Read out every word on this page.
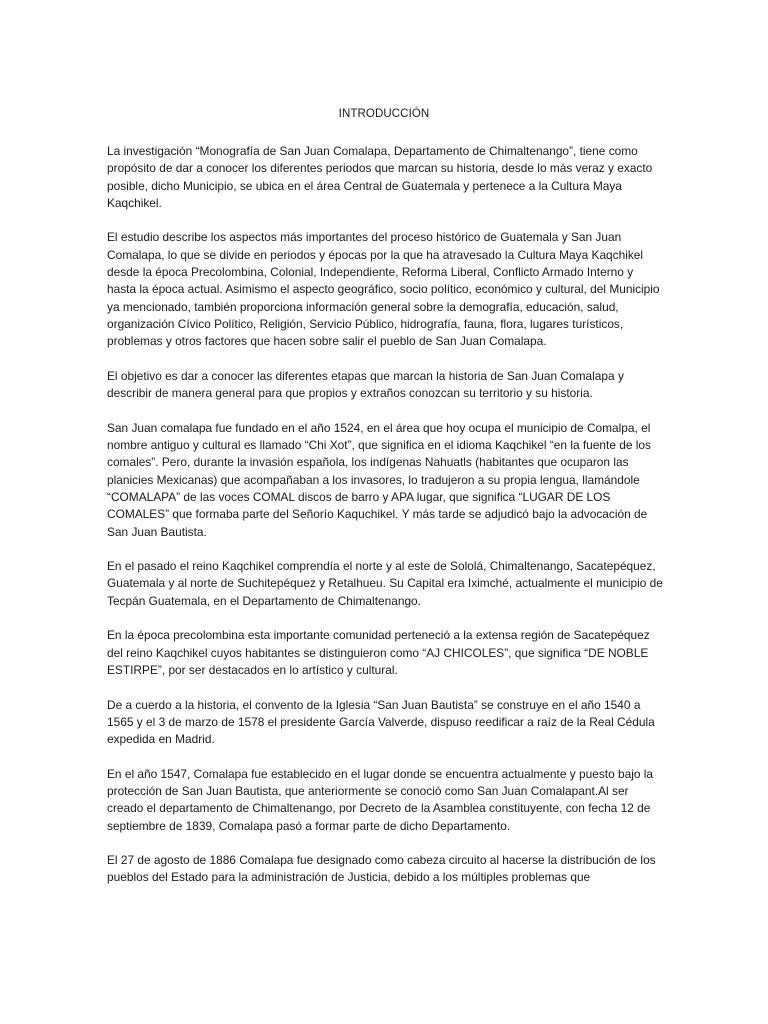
INTRODUCCIÓN

La investigación “Monografía de San Juan Comalapa, Departamento de Chimaltenango”, tiene como propósito de dar a conocer los diferentes periodos que marcan su historia, desde lo más veraz y exacto posible, dicho Municipio, se ubica en el área Central de Guatemala y pertenece a la Cultura Maya Kaqchikel.

El estudio describe los aspectos más importantes del proceso histórico de Guatemala y San Juan Comalapa, lo que se divide en periodos y épocas por la que ha atravesado la Cultura Maya Kaqchikel desde la época Precolombina, Colonial, Independiente, Reforma Liberal, Conflicto Armado Interno y hasta la época actual. Asimismo el aspecto geográfico, socio político, económico y cultural, del Municipio ya mencionado, también proporciona información general sobre la demografía, educación, salud, organización Cívico Político, Religión, Servicio Público, hidrografía, fauna, flora, lugares turísticos, problemas y otros factores que hacen sobre salir el pueblo de San Juan Comalapa.

El objetivo es dar a conocer las diferentes etapas que marcan la historia de San Juan Comalapa y describir de manera general para que propios y extraños conozcan su territorio y su historia.

San Juan comalapa fue fundado en el año 1524, en el área que hoy ocupa el municipio de Comalpa, el nombre antiguo y cultural es llamado “Chi Xot”, que significa en el idioma Kaqchikel “en la fuente de los comales”. Pero, durante la invasión española, los indígenas Nahuatls (habitantes que ocuparon las planicies Mexicanas) que acompañaban a los invasores, lo tradujeron a su propia lengua, llamándole “COMALAPA” de las voces COMAL discos de barro y APA lugar, que significa “LUGAR DE LOS COMALES” que formaba parte del Señorío Kaquchikel. Y más tarde se adjudicó bajo la advocación de San Juan Bautista.

En el pasado el reino Kaqchikel comprendía el norte y al este de Sololá, Chimaltenango, Sacatepéquez, Guatemala y al norte de Suchitepéquez y Retalhueu. Su Capital era Iximché, actualmente el municipio de Tecpán Guatemala, en el Departamento de Chimaltenango.

En la época precolombina esta importante comunidad perteneció a la extensa región de Sacatepéquez del reino Kaqchikel cuyos habitantes se distinguieron como “AJ CHICOLES”, que significa “DE NOBLE ESTIRPE”, por ser destacados en lo artístico y cultural.

De a cuerdo a la historia, el convento de la Iglesia “San Juan Bautista” se construye en el año 1540 a 1565 y el 3 de marzo de 1578 el presidente García Valverde, dispuso reedificar a raíz de la Real Cédula expedida en Madrid.

En el año 1547, Comalapa fue establecido en el lugar donde se encuentra actualmente y puesto bajo la protección de San Juan Bautista, que anteriormente se conoció como San Juan Comalapant.Al ser creado el departamento de Chimaltenango, por Decreto de la Asamblea constituyente, con fecha 12 de septiembre de 1839, Comalapa pasó a formar parte de dicho Departamento.

El 27 de agosto de 1886 Comalapa fue designado como cabeza circuito al hacerse la distribución de los pueblos del Estado para la administración de Justicia, debido a los múltiples problemas que
